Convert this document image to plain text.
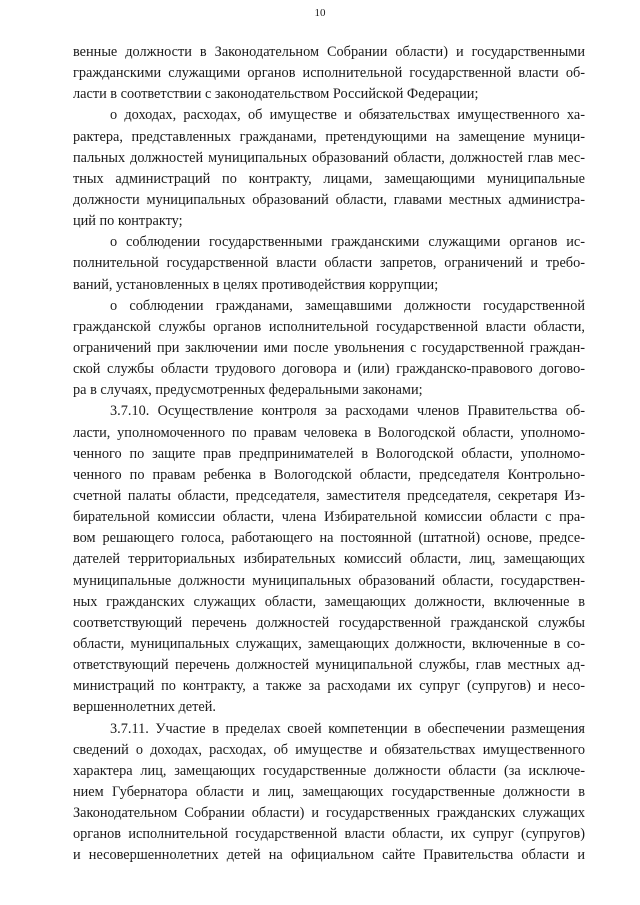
10
венные должности в Законодательном Собрании области) и государственными
гражданскими служащими органов исполнительной государственной власти об-
ласти в соответствии с законодательством Российской Федерации;
о доходах, расходах, об имуществе и обязательствах имущественного ха-
рактера, представленных гражданами, претендующими на замещение муници-
пальных должностей муниципальных образований области, должностей глав мес-
тных администраций по контракту, лицами, замещающими муниципальные
должности муниципальных образований области, главами местных администра-
ций по контракту;
о соблюдении государственными гражданскими служащими органов ис-
полнительной государственной власти области запретов, ограничений и требо-
ваний, установленных в целях противодействия коррупции;
о соблюдении гражданами, замещавшими должности государственной
гражданской службы органов исполнительной государственной власти области,
ограничений при заключении ими после увольнения с государственной граждан-
ской службы области трудового договора и (или) гражданско-правового догово-
ра в случаях, предусмотренных федеральными законами;
3.7.10. Осуществление контроля за расходами членов Правительства об-
ласти, уполномоченного по правам человека в Вологодской области, уполномо-
ченного по защите прав предпринимателей в Вологодской области, уполномо-
ченного по правам ребенка в Вологодской области, председателя Контрольно-
счетной палаты области, председателя, заместителя председателя, секретаря Из-
бирательной комиссии области, члена Избирательной комиссии области с пра-
вом решающего голоса, работающего на постоянной (штатной) основе, предсе-
дателей территориальных избирательных комиссий области, лиц, замещающих
муниципальные должности муниципальных образований области, государствен-
ных гражданских служащих области, замещающих должности, включенные в
соответствующий перечень должностей государственной гражданской службы
области, муниципальных служащих, замещающих должности, включенные в со-
ответствующий перечень должностей муниципальной службы, глав местных ад-
министраций по контракту, а также за расходами их супруг (супругов) и несо-
вершеннолетних детей.
3.7.11. Участие в пределах своей компетенции в обеспечении размещения
сведений о доходах, расходах, об имуществе и обязательствах имущественного
характера лиц, замещающих государственные должности области (за исключе-
нием Губернатора области и лиц, замещающих государственные должности в
Законодательном Собрании области) и государственных гражданских служащих
органов исполнительной государственной власти области, их супруг (супругов)
и несовершеннолетних детей на официальном сайте Правительства области и
